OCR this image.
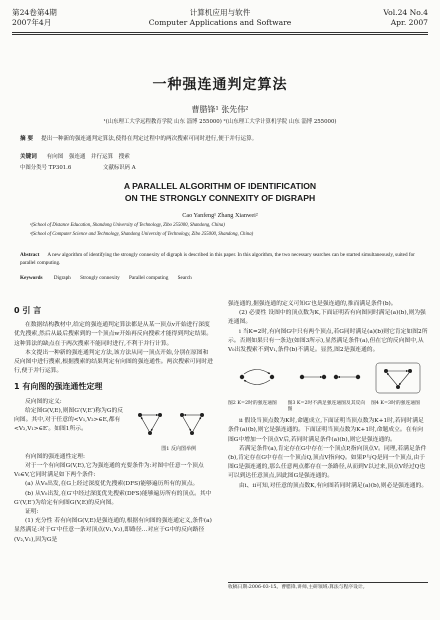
第24卷第4期
2007年4月
计算机应用与软件
Computer Applications and Software
Vol.24 No.4
Apr. 2007
一种强连通判定算法
曹腊锋¹ 张先伟²
¹(山东理工大学远程教育学院 山东 淄博 255000) ²(山东理工大学计算机学院 山东 淄博 255000)
摘 要 提出一种新的强连通判定算法,使得在判定过程中的两次搜索可同时进行,便于并行运算。
关键词 有向图 强连通 并行运算 搜索
中图分类号 TP301.6	文献标识码 A
A PARALLEL ALGORITHM OF IDENTIFICATION
ON THE STRONGLY CONNEXITY OF DIGRAPH
Cao Yanfeng¹ Zhang Xianwei²
¹(School of Distance Education, Shandong University of Technology, Zibo 255000, Shandong, China)
²(School of Computer Science and Technology, Shandong University of Technology, Zibo 255000, Shandong, China)
Abstract A new algorithm of identifying the strongly connexity of digraph is described in this paper. In this algorithm, the two necessary searches can be started simultaneously, suited for parallel computing.
Keywords Digraph Strongly connexity Parallel computing Search
0 引 言

在数据结构教材中,给定的强连通判定算法都是从某一顶点v开始进行深度优先搜索,然后从最后搜索到的一个顶点w开始再反向搜索才能得到判定结果。这种算法的缺点在于两次搜索不能同时进行,不利于并行计算。

本文提出一种新的强连通判定方法,该方法从同一顶点开始,分别在原图和反向图中进行搜索,根据搜索的结果判定有向图的强连通性。两次搜索可同时进行,便于并行运算。

1 有向图的强连通性定理

反向图的定义:

给定图G(V,E),则图G′(V,E′)称为G的反向图。其中,对于任意的<V₁,V₂>∈E,都有<V₂,V₁>∈E′。如图1所示。
图1 反向图举例

有向图的强连通性定理:

对于一个有向图G(V,E),它为强连通的充要条件为:对图中任意一个顶点V₀∈V,它同时满足如下两个条件:

(a) 从V₀出发,在G上经过深度优先搜索(DFS)能够遍历所有的顶点。

(b) 从V₀出发,在G′中经过深度优先搜索(DFS)能够遍历所有的顶点。其中G′(V,E′)为给定有向图G(V,E)的反向图。

证明:

(1) 充分性 若有向图G(V,E)是强连通的,根据有向图的强连通定义,条件(a)显然满足:对于G′中任意一条对顶点(V₁,V₂),即路径…对应于G中的反向路径(V₂,V₁),因为G是

强连通的,据强连通的定义可知G′也是强连通的,推而满足条件(b)。

(2) 必要性 设图中的顶点数为K,下面证明若有向图同时满足(a)(b),则为强连通图。

ⅰ 当K=2时,有向图G中只有两个顶点,若G同时满足(a)(b)则它肯定如图2所示。否则如果只有一条边(如图3所示),显然满足条件(a),但在它的反向图中,从V₀出发搜索不到V₁,条件(b)不满足。显然,图2是强连通的。

图2 K=2时的强连通图 图3 K=2时不满足强连通图及其反向图 图4 K=3时的强连通图

ⅱ 假设当顶点数为K时,命题成立,下面证明当顶点数为K+1时,若同时满足条件(a)(b),则它是强连通的。下面证明当顶点数为K+1时,命题成立。在有向图G中增加一个顶点V后,若同时满足条件(a)(b),则它是强连通的。

若满足条件(a),肯定存在G中存在一个顶点P,指向顶点V。同理,若满足条件(b),肯定存在G中存在一个顶点Q,顶点V指向Q。如果P与Q是同一个顶点,由于图G是强连通的,那么任意两点都存在一条路径,从而到V以过来,顶点V经过Q也可以到达任意顶点,因此图G是强连通的。

由ⅰ、ⅱ可知,对任意的顶点数K,有向图若同时满足(a)(b),则必是强连通的。

收稿日期:2006-03-15。曹腊锋,讲师,主研领域:算法与程序设计。
